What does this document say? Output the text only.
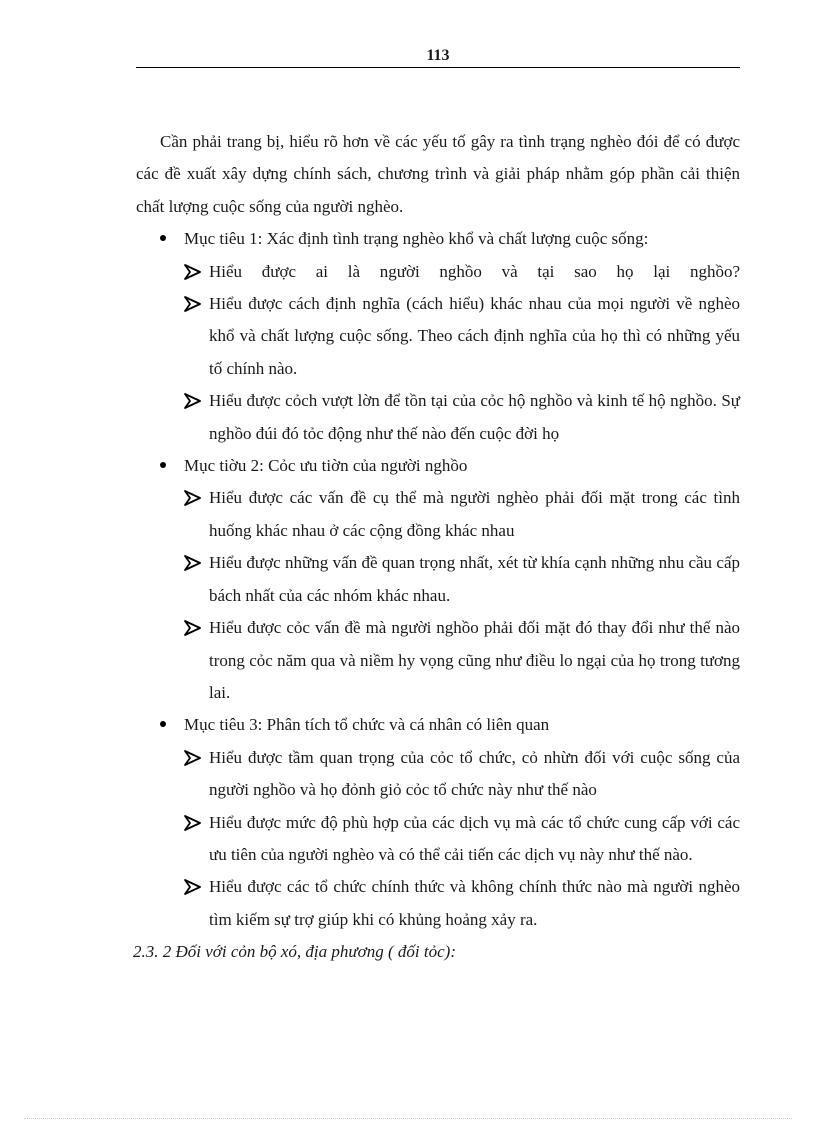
113

Cần phải trang bị, hiểu rõ hơn về các yếu tố gây ra tình trạng nghèo đói để có được các đề xuất xây dựng chính sách, chương trình và giải pháp nhằm góp phần cải thiện chất lượng cuộc sống của người nghèo.

Mục tiêu 1: Xác định tình trạng nghèo khổ và chất lượng cuộc sống:
Hiểu được ai là người nghồo và tại sao họ lại nghồo?
Hiểu được cách định nghĩa (cách hiểu) khác nhau của mọi người về nghèo khổ và chất lượng cuộc sống. Theo cách định nghĩa của họ thì có những yếu tố chính nào.
Hiểu được cỏch vượt lờn để tồn tại của cỏc hộ nghồo và kinh tế hộ nghồo. Sự nghồo đúi đó tỏc động như thế nào đến cuộc đời họ
Mục tiờu 2: Cỏc ưu tiờn của người nghồo
Hiểu được các vấn đề cụ thể mà người nghèo phải đối mặt trong các tình huống khác nhau ở các cộng đồng khác nhau
Hiểu được những vấn đề quan trọng nhất, xét từ khía cạnh những nhu cầu cấp bách nhất của các nhóm khác nhau.
Hiểu được cỏc vấn đề mà người nghồo phải đối mặt đó thay đổi như thế nào trong cỏc năm qua và niềm hy vọng cũng như điều lo ngại của họ trong tương lai.
Mục tiêu 3: Phân tích tổ chức và cá nhân có liên quan
Hiểu được tầm quan trọng của cỏc tổ chức, cỏ nhừn đối với cuộc sống của người nghồo và họ đỏnh giỏ cỏc tổ chức này như thế nào
Hiểu được mức độ phù hợp của các dịch vụ mà các tổ chức cung cấp với các ưu tiên của người nghèo và có thể cải tiến các dịch vụ này như thế nào.
Hiểu được các tổ chức chính thức và không chính thức nào mà người nghèo tìm kiếm sự trợ giúp khi có khủng hoảng xảy ra.

2.3. 2 Đối với cỏn bộ xó, địa phương ( đối tỏc):
